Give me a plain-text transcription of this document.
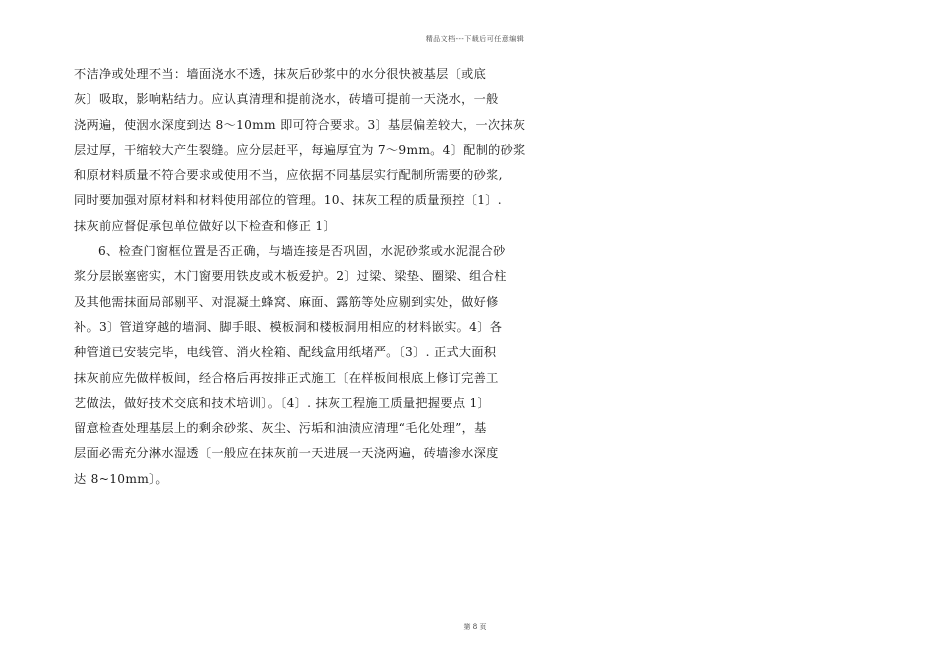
精品文档---下载后可任意编辑
不洁净或处理不当：墙面浇水不透，抹灰后砂浆中的水分很快被基层〔或底
灰〕吸取，影响粘结力。应认真清理和提前浇水，砖墙可提前一天浇水，一般
浇两遍，使洇水深度到达 8～10mm 即可符合要求。3〕基层偏差较大，一次抹灰
层过厚，干缩较大产生裂缝。应分层赶平，每遍厚宜为 7～9mm。4〕配制的砂浆
和原材料质量不符合要求或使用不当，应依据不同基层实行配制所需要的砂浆,
同时要加强对原材料和材料使用部位的管理。10、抹灰工程的质量预控〔1〕.
抹灰前应督促承包单位做好以下检查和修正 1〕
6、检查门窗框位置是否正确，与墙连接是否巩固，水泥砂浆或水泥混合砂
浆分层嵌塞密实，木门窗要用铁皮或木板爱护。2〕过梁、梁垫、圈梁、组合柱
及其他需抹面局部剔平、对混凝土蜂窝、麻面、露筋等处应剔到实处，做好修
补。3〕管道穿越的墙洞、脚手眼、模板洞和楼板洞用相应的材料嵌实。4〕各
种管道已安装完毕，电线管、消火栓箱、配线盒用纸堵严。〔3〕. 正式大面积
抹灰前应先做样板间，经合格后再按排正式施工〔在样板间根底上修订完善工
艺做法，做好技术交底和技术培训〕。〔4〕. 抹灰工程施工质量把握要点 1〕
留意检查处理基层上的剩余砂浆、灰尘、污垢和油渍应清理“毛化处理”，基
层面必需充分淋水湿透〔一般应在抹灰前一天进展一天浇两遍，砖墙渗水深度
达 8~10mm〕。
第 8 页
